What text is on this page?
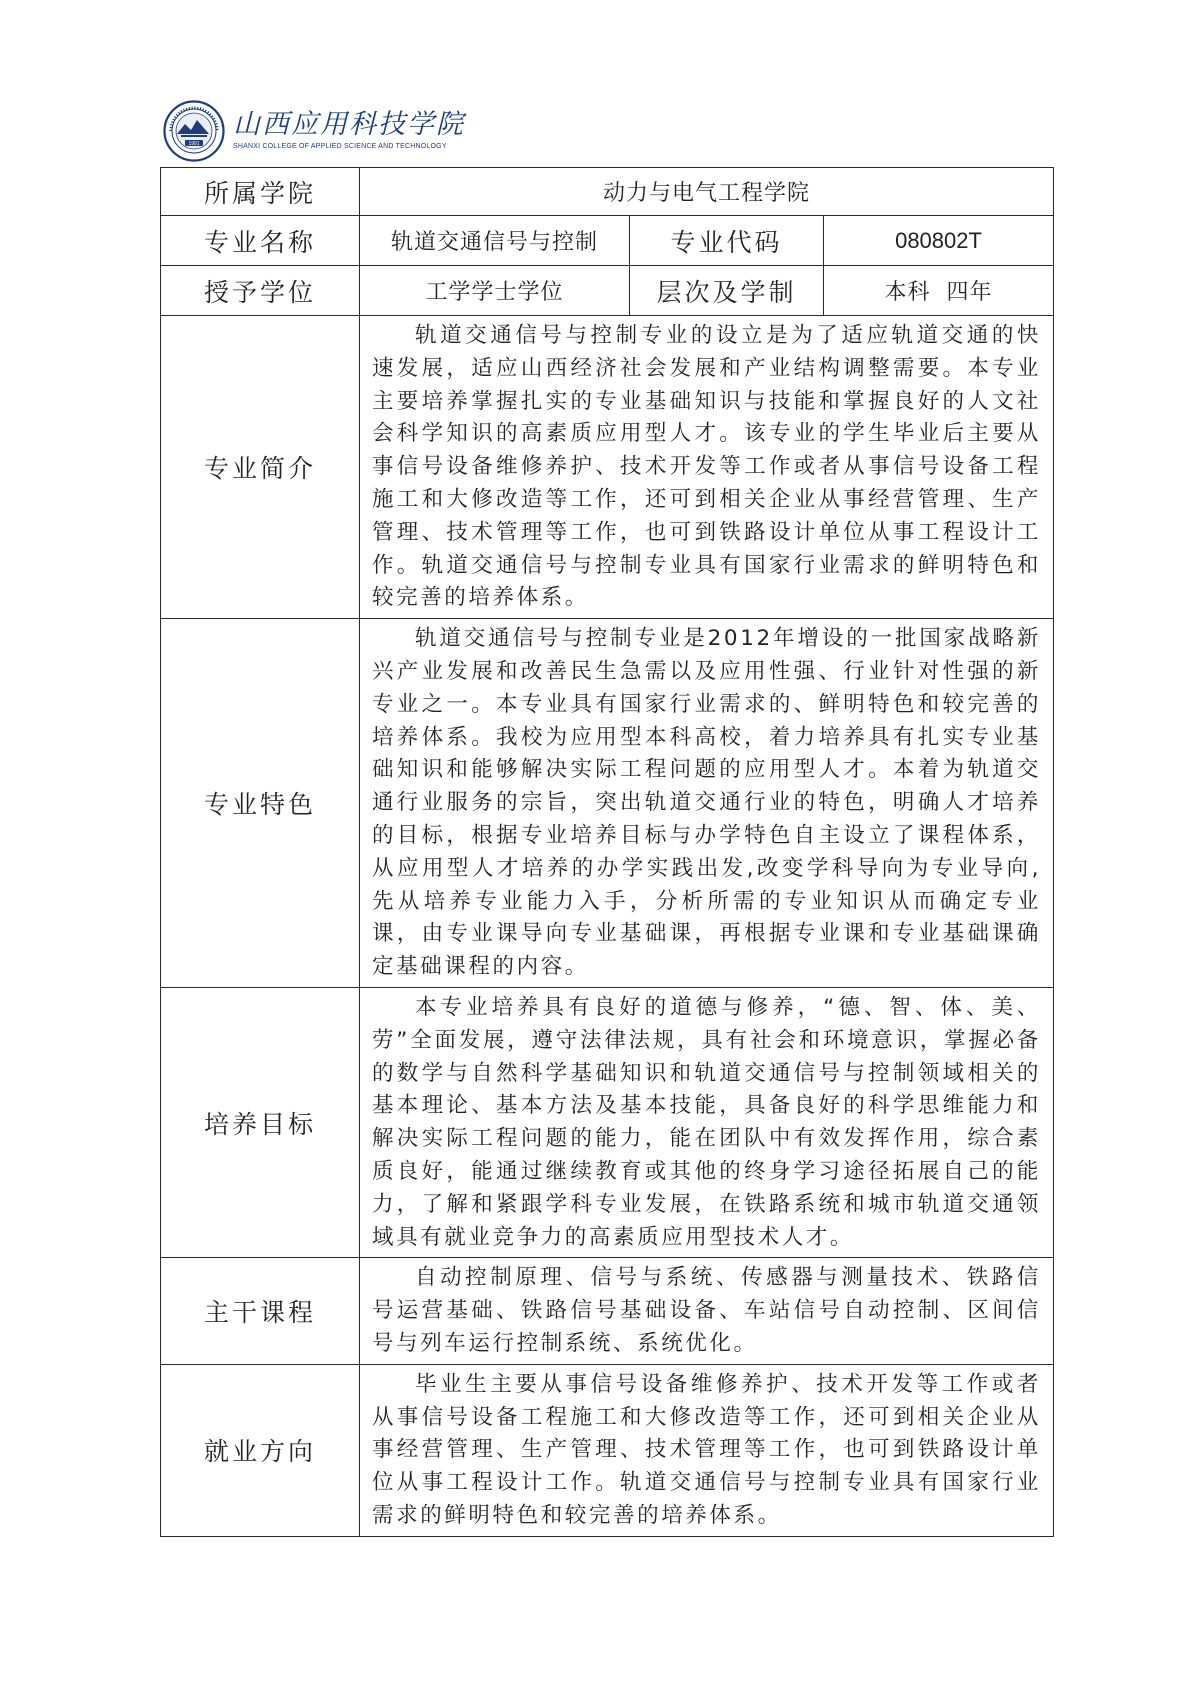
1991
山西应用科技学院
SHANXI COLLEGE OF APPLIED SCIENCE AND TECHNOLOGY
所属学院	动力与电气工程学院		
专业名称	轨道交通信号与控制	专业代码	080802T
授予学位	工学学士学位	层次及学制	本科  四年
专业简介	轨道交通信号与控制专业的设立是为了适应轨道交通的快速发展，适应山西经济社会发展和产业结构调整需要。本专业主要培养掌握扎实的专业基础知识与技能和掌握良好的人文社会科学知识的高素质应用型人才。该专业的学生毕业后主要从事信号设备维修养护、技术开发等工作或者从事信号设备工程施工和大修改造等工作，还可到相关企业从事经营管理、生产管理、技术管理等工作，也可到铁路设计单位从事工程设计工作。轨道交通信号与控制专业具有国家行业需求的鲜明特色和较完善的培养体系。		

专业特色	轨道交通信号与控制专业是2012年增设的一批国家战略新兴产业发展和改善民生急需以及应用性强、行业针对性强的新专业之一。本专业具有国家行业需求的、鲜明特色和较完善的培养体系。我校为应用型本科高校，着力培养具有扎实专业基础知识和能够解决实际工程问题的应用型人才。本着为轨道交通行业服务的宗旨，突出轨道交通行业的特色，明确人才培养的目标，根据专业培养目标与办学特色自主设立了课程体系，从应用型人才培养的办学实践出发,改变学科导向为专业导向,先从培养专业能力入手，分析所需的专业知识从而确定专业课，由专业课导向专业基础课，再根据专业课和专业基础课确定基础课程的内容。		

培养目标	本专业培养具有良好的道德与修养，“德、智、体、美、劳”全面发展，遵守法律法规，具有社会和环境意识，掌握必备的数学与自然科学基础知识和轨道交通信号与控制领域相关的基本理论、基本方法及基本技能，具备良好的科学思维能力和解决实际工程问题的能力，能在团队中有效发挥作用，综合素质良好，能通过继续教育或其他的终身学习途径拓展自己的能力，了解和紧跟学科专业发展，在铁路系统和城市轨道交通领域具有就业竞争力的高素质应用型技术人才。		

主干课程	自动控制原理、信号与系统、传感器与测量技术、铁路信号运营基础、铁路信号基础设备、车站信号自动控制、区间信号与列车运行控制系统、系统优化。		

就业方向	毕业生主要从事信号设备维修养护、技术开发等工作或者从事信号设备工程施工和大修改造等工作，还可到相关企业从事经营管理、生产管理、技术管理等工作，也可到铁路设计单位从事工程设计工作。轨道交通信号与控制专业具有国家行业需求的鲜明特色和较完善的培养体系。		
